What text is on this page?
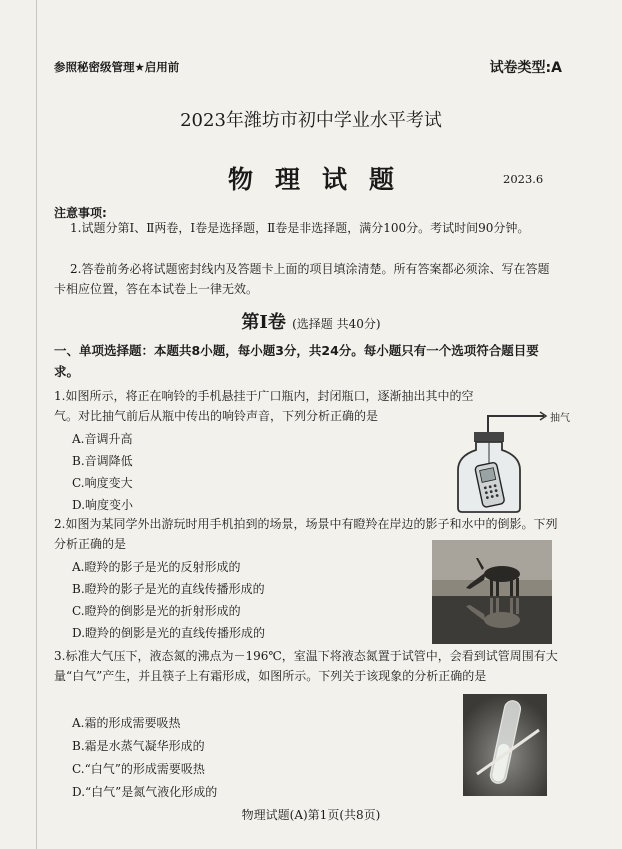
参照秘密级管理★启用前	试卷类型:A
2023年潍坊市初中学业水平考试
物理试题	2023.6
注意事项:
1.试题分第Ⅰ、Ⅱ两卷，Ⅰ卷是选择题，Ⅱ卷是非选择题，满分100分。考试时间90分钟。
2.答卷前务必将试题密封线内及答题卡上面的项目填涂清楚。所有答案都必须涂、写在答题卡相应位置，答在本试卷上一律无效。
第Ⅰ卷 (选择题 共40分)
一、单项选择题：本题共8小题，每小题3分，共24分。每小题只有一个选项符合题目要求。
1.如图所示，将正在响铃的手机悬挂于广口瓶内，封闭瓶口，逐渐抽出其中的空气。对比抽气前后从瓶中传出的响铃声音，下列分析正确的是
A.音调升高
B.音调降低
C.响度变大
D.响度变小
抽气
2.如图为某同学外出游玩时用手机拍到的场景，场景中有瞪羚在岸边的影子和水中的倒影。下列分析正确的是
A.瞪羚的影子是光的反射形成的
B.瞪羚的影子是光的直线传播形成的
C.瞪羚的倒影是光的折射形成的
D.瞪羚的倒影是光的直线传播形成的
3.标准大气压下，液态氮的沸点为－196℃，室温下将液态氮置于试管中，会看到试管周围有大量“白气”产生，并且筷子上有霜形成，如图所示。下列关于该现象的分析正确的是
A.霜的形成需要吸热
B.霜是水蒸气凝华形成的
C.“白气”的形成需要吸热
D.“白气”是氮气液化形成的
物理试题(A)第1页(共8页)
